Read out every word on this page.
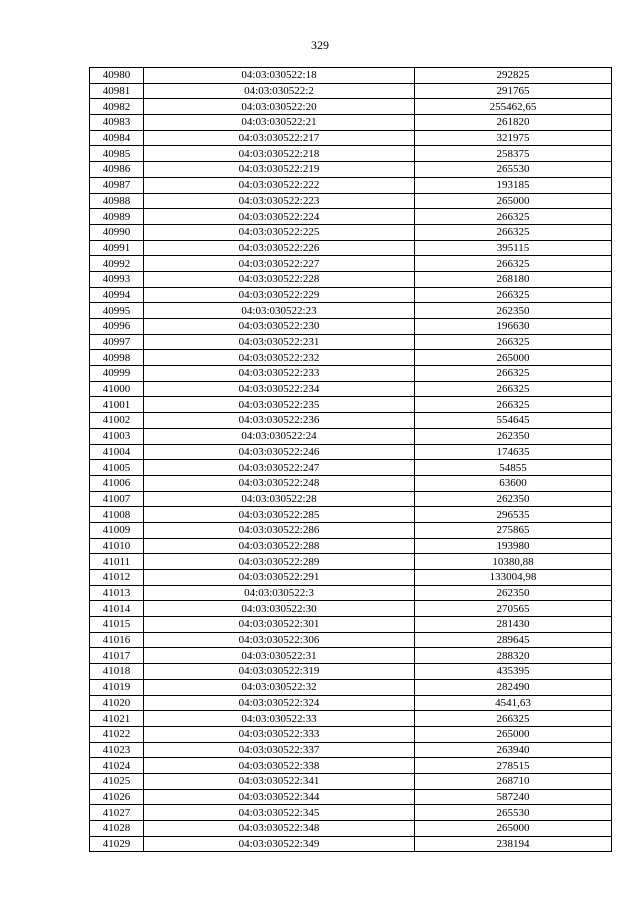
329
40980	04:03:030522:18	292825
40981	04:03:030522:2	291765
40982	04:03:030522:20	255462,65
40983	04:03:030522:21	261820
40984	04:03:030522:217	321975
40985	04:03:030522:218	258375
40986	04:03:030522:219	265530
40987	04:03:030522:222	193185
40988	04:03:030522:223	265000
40989	04:03:030522:224	266325
40990	04:03:030522:225	266325
40991	04:03:030522:226	395115
40992	04:03:030522:227	266325
40993	04:03:030522:228	268180
40994	04:03:030522:229	266325
40995	04:03:030522:23	262350
40996	04:03:030522:230	196630
40997	04:03:030522:231	266325
40998	04:03:030522:232	265000
40999	04:03:030522:233	266325
41000	04:03:030522:234	266325
41001	04:03:030522:235	266325
41002	04:03:030522:236	554645
41003	04:03:030522:24	262350
41004	04:03:030522:246	174635
41005	04:03:030522:247	54855
41006	04:03:030522:248	63600
41007	04:03:030522:28	262350
41008	04:03:030522:285	296535
41009	04:03:030522:286	275865
41010	04:03:030522:288	193980
41011	04:03:030522:289	10380,88
41012	04:03:030522:291	133004,98
41013	04:03:030522:3	262350
41014	04:03:030522:30	270565
41015	04:03:030522:301	281430
41016	04:03:030522:306	289645
41017	04:03:030522:31	288320
41018	04:03:030522:319	435395
41019	04:03:030522:32	282490
41020	04:03:030522:324	4541,63
41021	04:03:030522:33	266325
41022	04:03:030522:333	265000
41023	04:03:030522:337	263940
41024	04:03:030522:338	278515
41025	04:03:030522:341	268710
41026	04:03:030522:344	587240
41027	04:03:030522:345	265530
41028	04:03:030522:348	265000
41029	04:03:030522:349	238194
